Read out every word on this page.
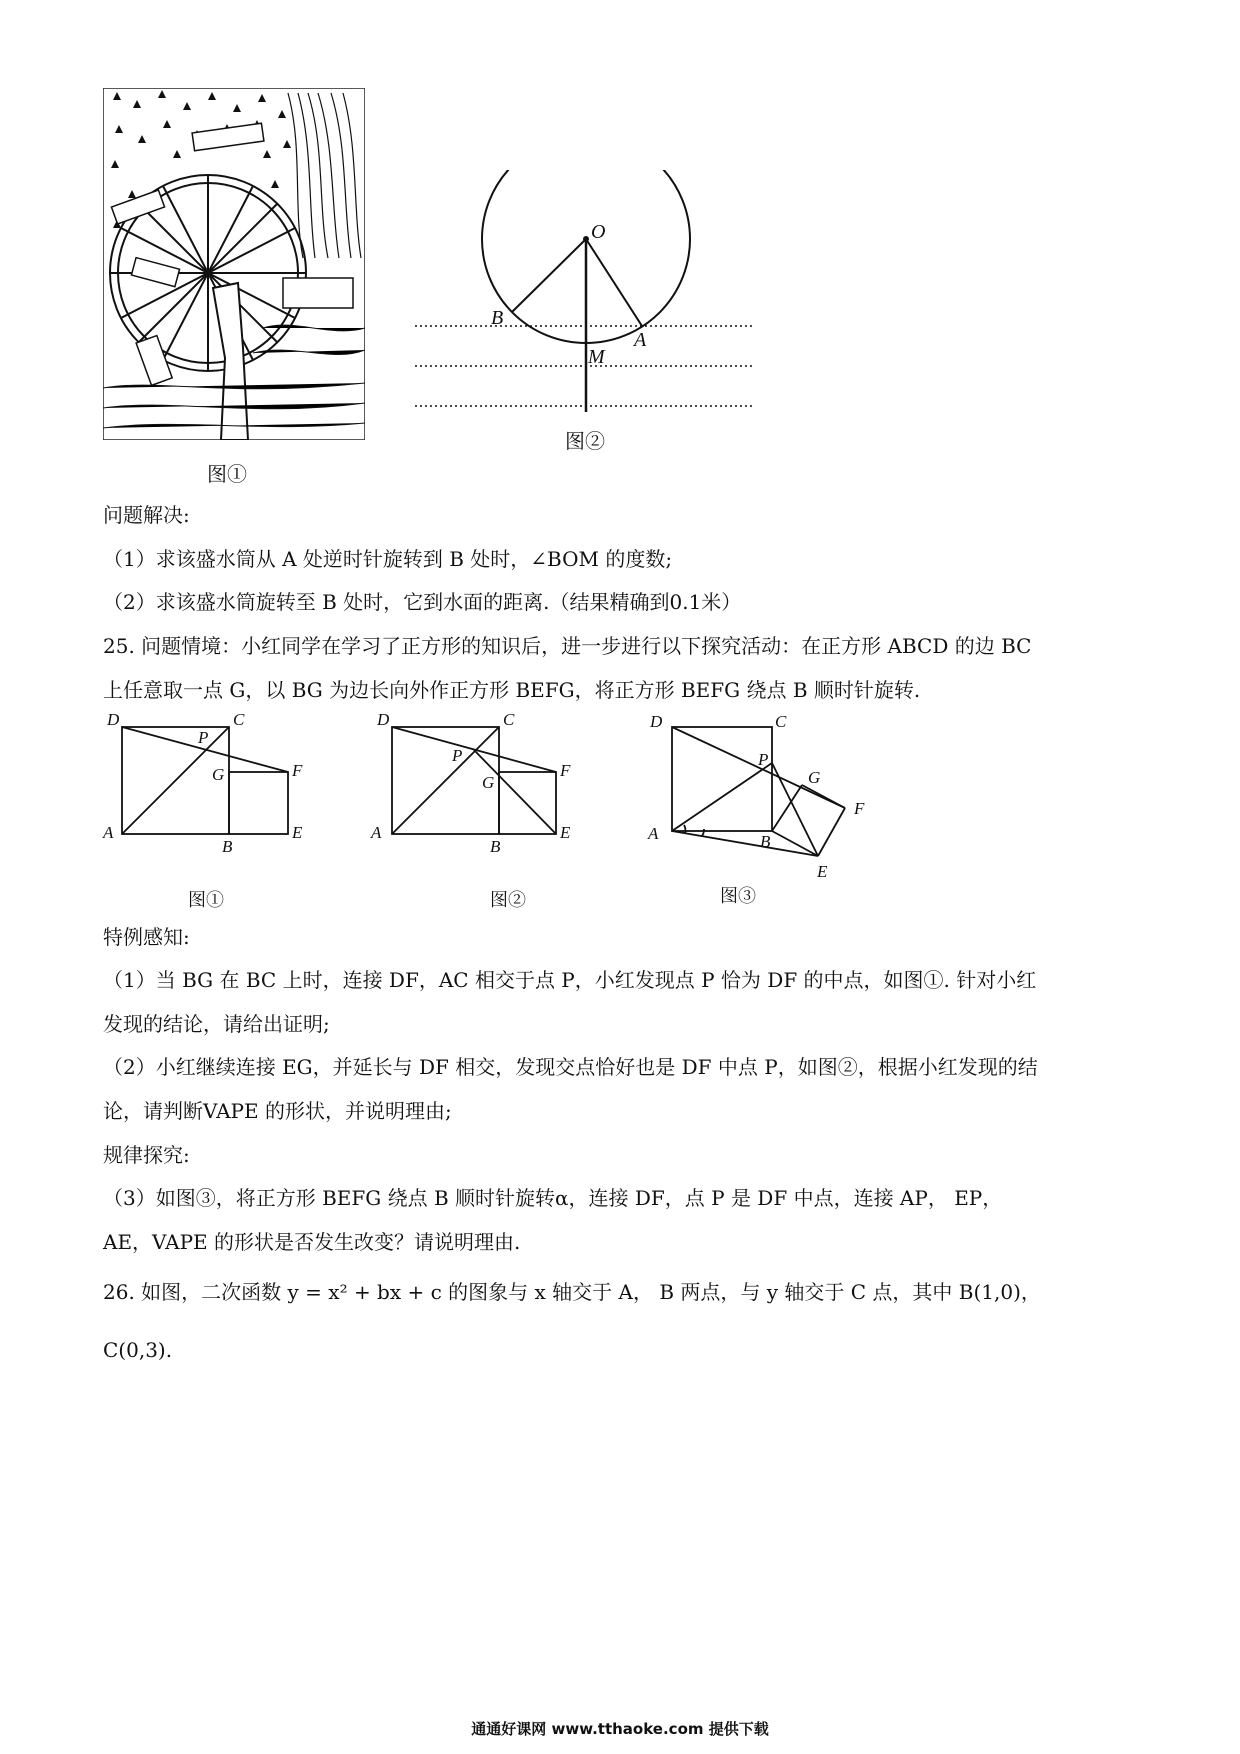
图①
O
B
A
M
图②
问题解决:
（1）求该盛水筒从 A 处逆时针旋转到 B 处时，∠BOM 的度数;
（2）求该盛水筒旋转至 B 处时，它到水面的距离.（结果精确到0.1米）
25. 问题情境：小红同学在学习了正方形的知识后，进一步进行以下探究活动：在正方形 ABCD 的边 BC
上任意取一点 G，以 BG 为边长向外作正方形 BEFG，将正方形 BEFG 绕点 B 顺时针旋转.
D	C
P
G	F
A
B
E
图①
D	C
P
G
F
A
B
E
图②
D	C
P
G
F
A	B
E
图③
特例感知:
（1）当 BG 在 BC 上时，连接 DF，AC 相交于点 P，小红发现点 P 恰为 DF 的中点，如图①. 针对小红
发现的结论，请给出证明;
（2）小红继续连接 EG，并延长与 DF 相交，发现交点恰好也是 DF 中点 P，如图②，根据小红发现的结
论，请判断VAPE 的形状，并说明理由;
规律探究:
（3）如图③，将正方形 BEFG 绕点 B 顺时针旋转α，连接 DF，点 P 是 DF 中点，连接 AP， EP，
AE，VAPE 的形状是否发生改变？请说明理由.
26. 如图，二次函数 y = x² + bx + c 的图象与 x 轴交于 A， B 两点，与 y 轴交于 C 点，其中 B(1,0)，
C(0,3).
通通好课网 www.tthaoke.com 提供下载
